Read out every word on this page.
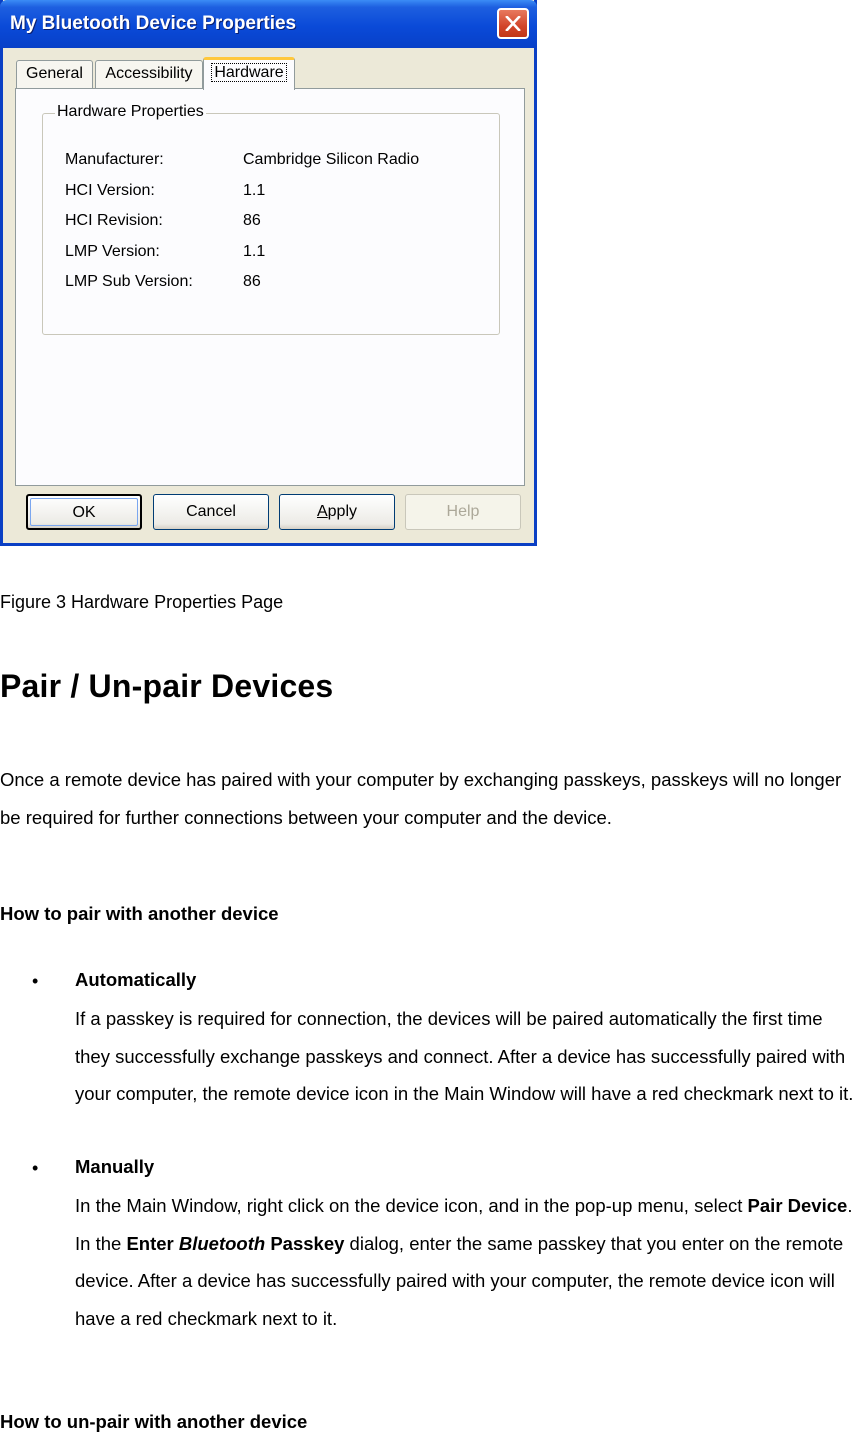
My Bluetooth Device Properties
General	Accessibility	Hardware
Hardware Properties
Manufacturer:	Cambridge Silicon Radio
HCI Version:	1.1
HCI Revision:	86
LMP Version:	1.1
LMP Sub Version:	86
OK	Cancel	Apply	Help
Figure 3 Hardware Properties Page
Pair / Un-pair Devices
Once a remote device has paired with your computer by exchanging passkeys, passkeys will no longer be required for further connections between your computer and the device.
How to pair with another device
• Automatically
If a passkey is required for connection, the devices will be paired automatically the first time they successfully exchange passkeys and connect. After a device has successfully paired with your computer, the remote device icon in the Main Window will have a red checkmark next to it.
• Manually
In the Main Window, right click on the device icon, and in the pop-up menu, select Pair Device. In the Enter Bluetooth Passkey dialog, enter the same passkey that you enter on the remote device. After a device has successfully paired with your computer, the remote device icon will have a red checkmark next to it.
How to un-pair with another device
